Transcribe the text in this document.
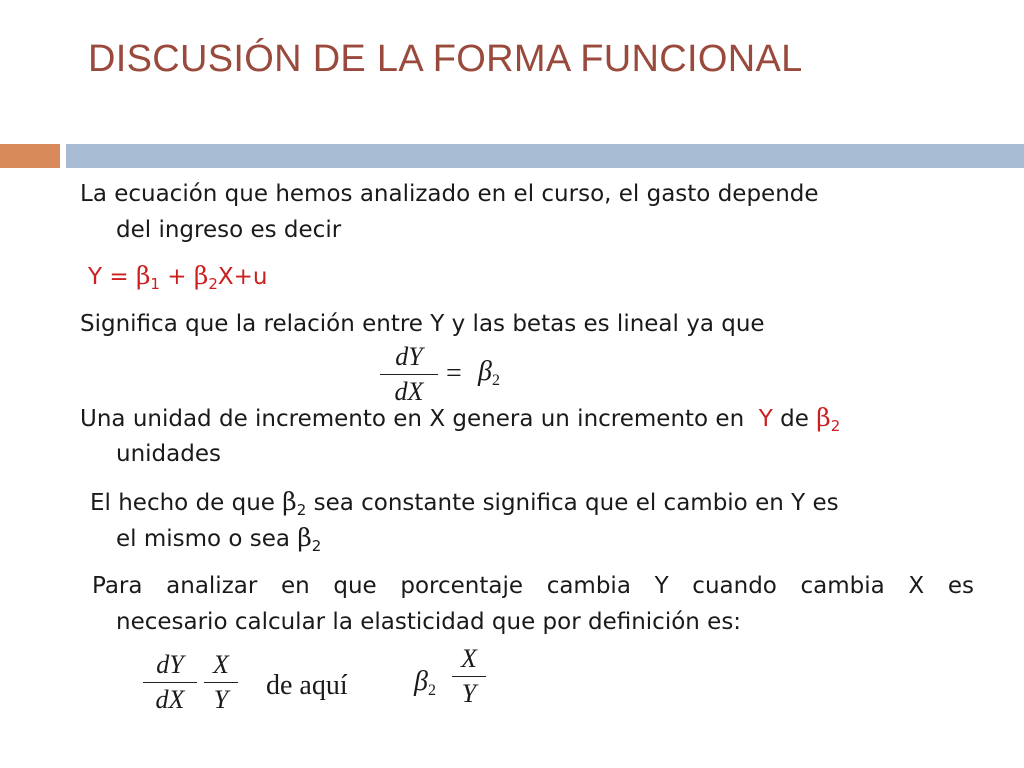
DISCUSIÓN DE LA FORMA FUNCIONAL
La ecuación que hemos analizado en el curso, el gasto depende
del ingreso es decir
$Y = \beta_1 + \beta_2X+u$
Significa que la relación entre Y y las betas es lineal ya que
dY
dX
= $\beta_2$
Una unidad de incremento en X genera un incremento en Y de $\beta_2$
unidades
El hecho de que $\beta_2$ sea constante significa que el cambio en Y es
el mismo o sea $\beta_2$
Para analizar en que porcentaje cambia Y cuando cambia X es
necesario calcular la elasticidad que por definición es:
dY
dX
X
Y	de aquí $\beta_2$
X
Y
